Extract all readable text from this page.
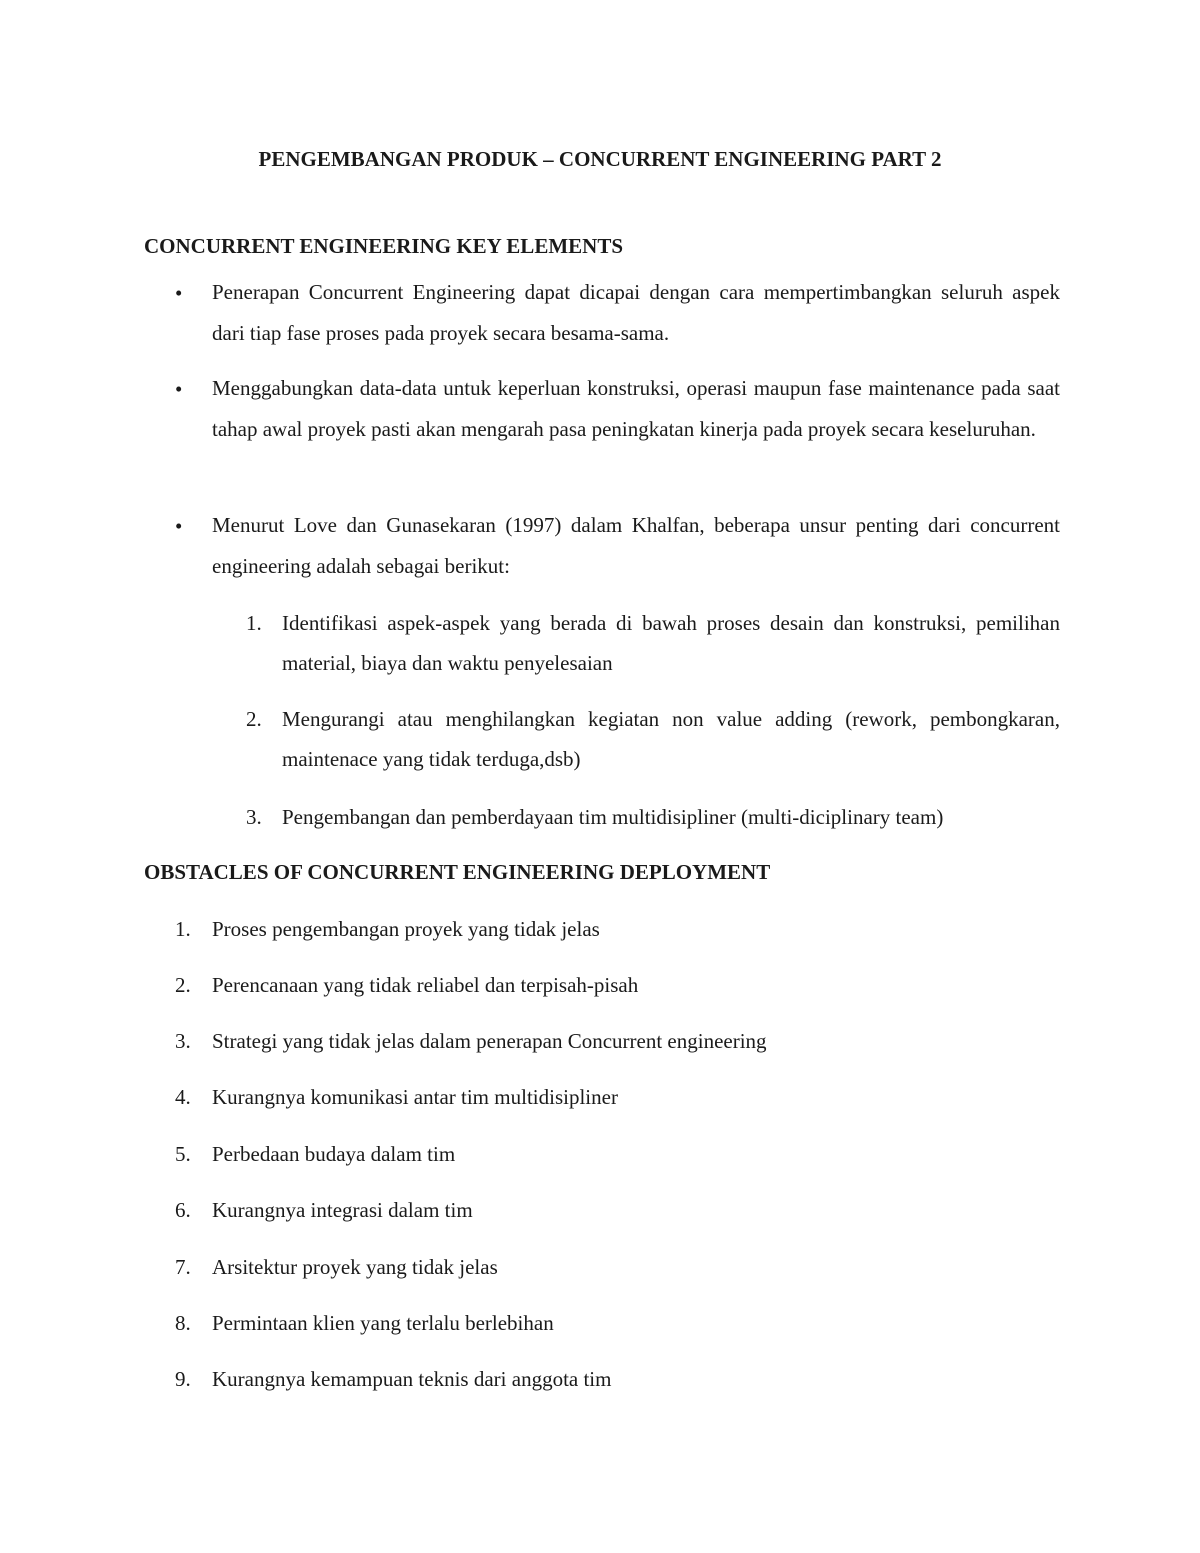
PENGEMBANGAN PRODUK – CONCURRENT ENGINEERING PART 2
CONCURRENT ENGINEERING KEY ELEMENTS
• Penerapan Concurrent Engineering dapat dicapai dengan cara mempertimbangkan seluruh aspek dari tiap fase proses pada proyek secara besama-sama.
• Menggabungkan data-data untuk keperluan konstruksi, operasi maupun fase maintenance pada saat tahap awal proyek pasti akan mengarah pasa peningkatan kinerja pada proyek secara keseluruhan.
• Menurut Love dan Gunasekaran (1997) dalam Khalfan, beberapa unsur penting dari concurrent engineering adalah sebagai berikut:
1. Identifikasi aspek-aspek yang berada di bawah proses desain dan konstruksi, pemilihan material, biaya dan waktu penyelesaian
2. Mengurangi atau menghilangkan kegiatan non value adding (rework, pembongkaran, maintenace yang tidak terduga,dsb)
3. Pengembangan dan pemberdayaan tim multidisipliner (multi-diciplinary team)
OBSTACLES OF CONCURRENT ENGINEERING DEPLOYMENT
1. Proses pengembangan proyek yang tidak jelas
2. Perencanaan yang tidak reliabel dan terpisah-pisah
3. Strategi yang tidak jelas dalam penerapan Concurrent engineering
4. Kurangnya komunikasi antar tim multidisipliner
5. Perbedaan budaya dalam tim
6. Kurangnya integrasi dalam tim
7. Arsitektur proyek yang tidak jelas
8. Permintaan klien yang terlalu berlebihan
9. Kurangnya kemampuan teknis dari anggota tim
